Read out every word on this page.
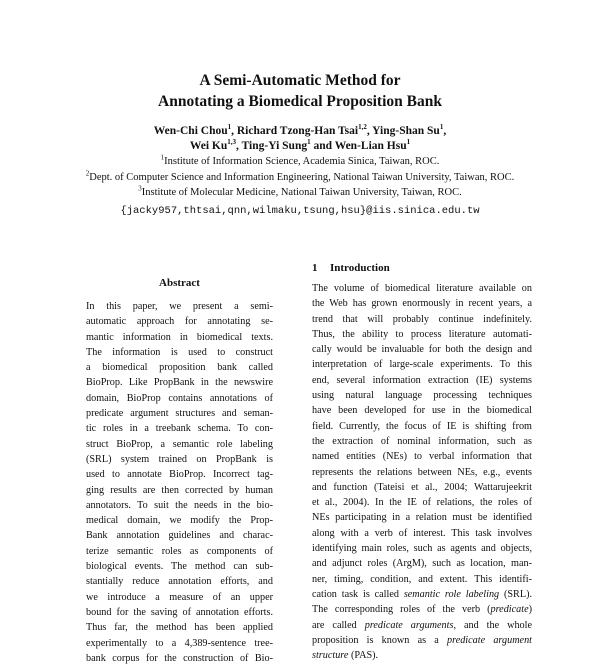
A Semi-Automatic Method for
Annotating a Biomedical Proposition Bank
Wen-Chi Chou$^1$, Richard Tzong-Han Tsai$^{1,2}$, Ying-Shan Su$^1$,
Wei Ku$^{1,3}$, Ting-Yi Sung$^1$ and Wen-Lian Hsu$^1$
$^1$Institute of Information Science, Academia Sinica, Taiwan, ROC.
$^2$Dept. of Computer Science and Information Engineering, National Taiwan University, Taiwan, ROC.
$^3$Institute of Molecular Medicine, National Taiwan University, Taiwan, ROC.
{jacky957,thtsai,qnn,wilmaku,tsung,hsu}@iis.sinica.edu.tw
Abstract
In this paper, we present a semi-
automatic approach for annotating se-
mantic information in biomedical texts.
The information is used to construct
a biomedical proposition bank called
BioProp. Like PropBank in the newswire
domain, BioProp contains annotations of
predicate argument structures and seman-
tic roles in a treebank schema. To con-
struct BioProp, a semantic role labeling
(SRL) system trained on PropBank is
used to annotate BioProp. Incorrect tag-
ging results are then corrected by human
annotators. To suit the needs in the bio-
medical domain, we modify the Prop-
Bank annotation guidelines and charac-
terize semantic roles as components of
biological events. The method can sub-
stantially reduce annotation efforts, and
we introduce a measure of an upper
bound for the saving of annotation efforts.
Thus far, the method has been applied
experimentally to a 4,389-sentence tree-
bank corpus for the construction of Bio-
1 Introduction
The volume of biomedical literature available on
the Web has grown enormously in recent years, a
trend that will probably continue indefinitely.
Thus, the ability to process literature automati-
cally would be invaluable for both the design and
interpretation of large-scale experiments. To this
end, several information extraction (IE) systems
using natural language processing techniques
have been developed for use in the biomedical
field. Currently, the focus of IE is shifting from
the extraction of nominal information, such as
named entities (NEs) to verbal information that
represents the relations between NEs, e.g., events
and function (Tateisi et al., 2004; Wattarujeekrit
et al., 2004). In the IE of relations, the roles of
NEs participating in a relation must be identified
along with a verb of interest. This task involves
identifying main roles, such as agents and objects,
and adjunct roles (ArgM), such as location, man-
ner, timing, condition, and extent. This identifi-
cation task is called semantic role labeling (SRL).
The corresponding roles of the verb (predicate)
are called predicate arguments, and the whole
proposition is known as a predicate argument
structure (PAS).
